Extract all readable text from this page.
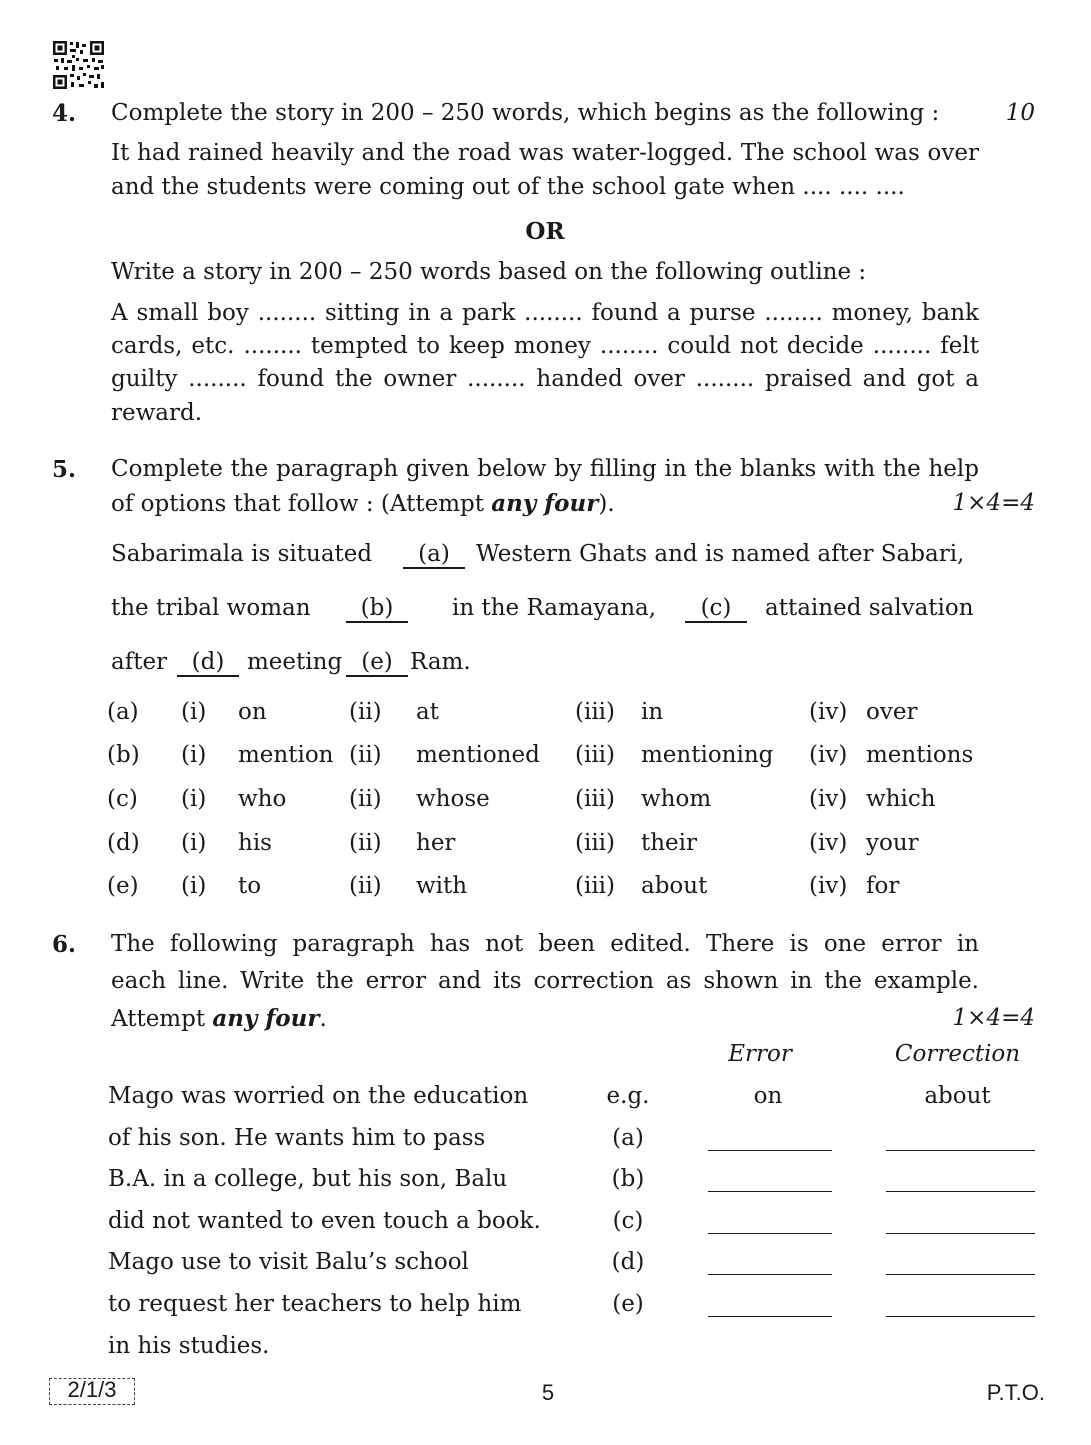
4. Complete the story in 200 – 250 words, which begins as the following :	10
It had rained heavily and the road was water-logged. The school was over
and the students were coming out of the school gate when .... .... ....
OR
Write a story in 200 – 250 words based on the following outline :
A small boy ........ sitting in a park ........ found a purse ........ money, bank
cards, etc. ........ tempted to keep money ........ could not decide ........ felt
guilty ........ found the owner ........ handed over ........ praised and got a
reward.
5. Complete the paragraph given below by filling in the blanks with the help
of options that follow : (Attempt any four).	1×4=4
Sabarimala is situated	(a)	Western Ghats and is named after Sabari,
the tribal woman	(b)	in the Ramayana,	(c)	attained salvation
after	(d) meeting (e) Ram.
(a) (i) on	(ii) at	(iii) in	(iv) over
(b) (i) mention (ii) mentioned (iii) mentioning (iv) mentions
(c) (i) who	(ii) whose	(iii) whom	(iv) which
(d) (i) his	(ii) her	(iii) their	(iv) your
(e) (i) to	(ii) with	(iii) about	(iv) for
6. The following paragraph has not been edited. There is one error in
each line. Write the error and its correction as shown in the example.
Attempt any four.	1×4=4
Error	Correction
Mago was worried on the education	e.g.	on	about
of his son. He wants him to pass	(a)
B.A. in a college, but his son, Balu	(b)
did not wanted to even touch a book.	(c)
Mago use to visit Balu’s school	(d)
to request her teachers to help him	(e)
in his studies.
2/1/3	5	P.T.O.
